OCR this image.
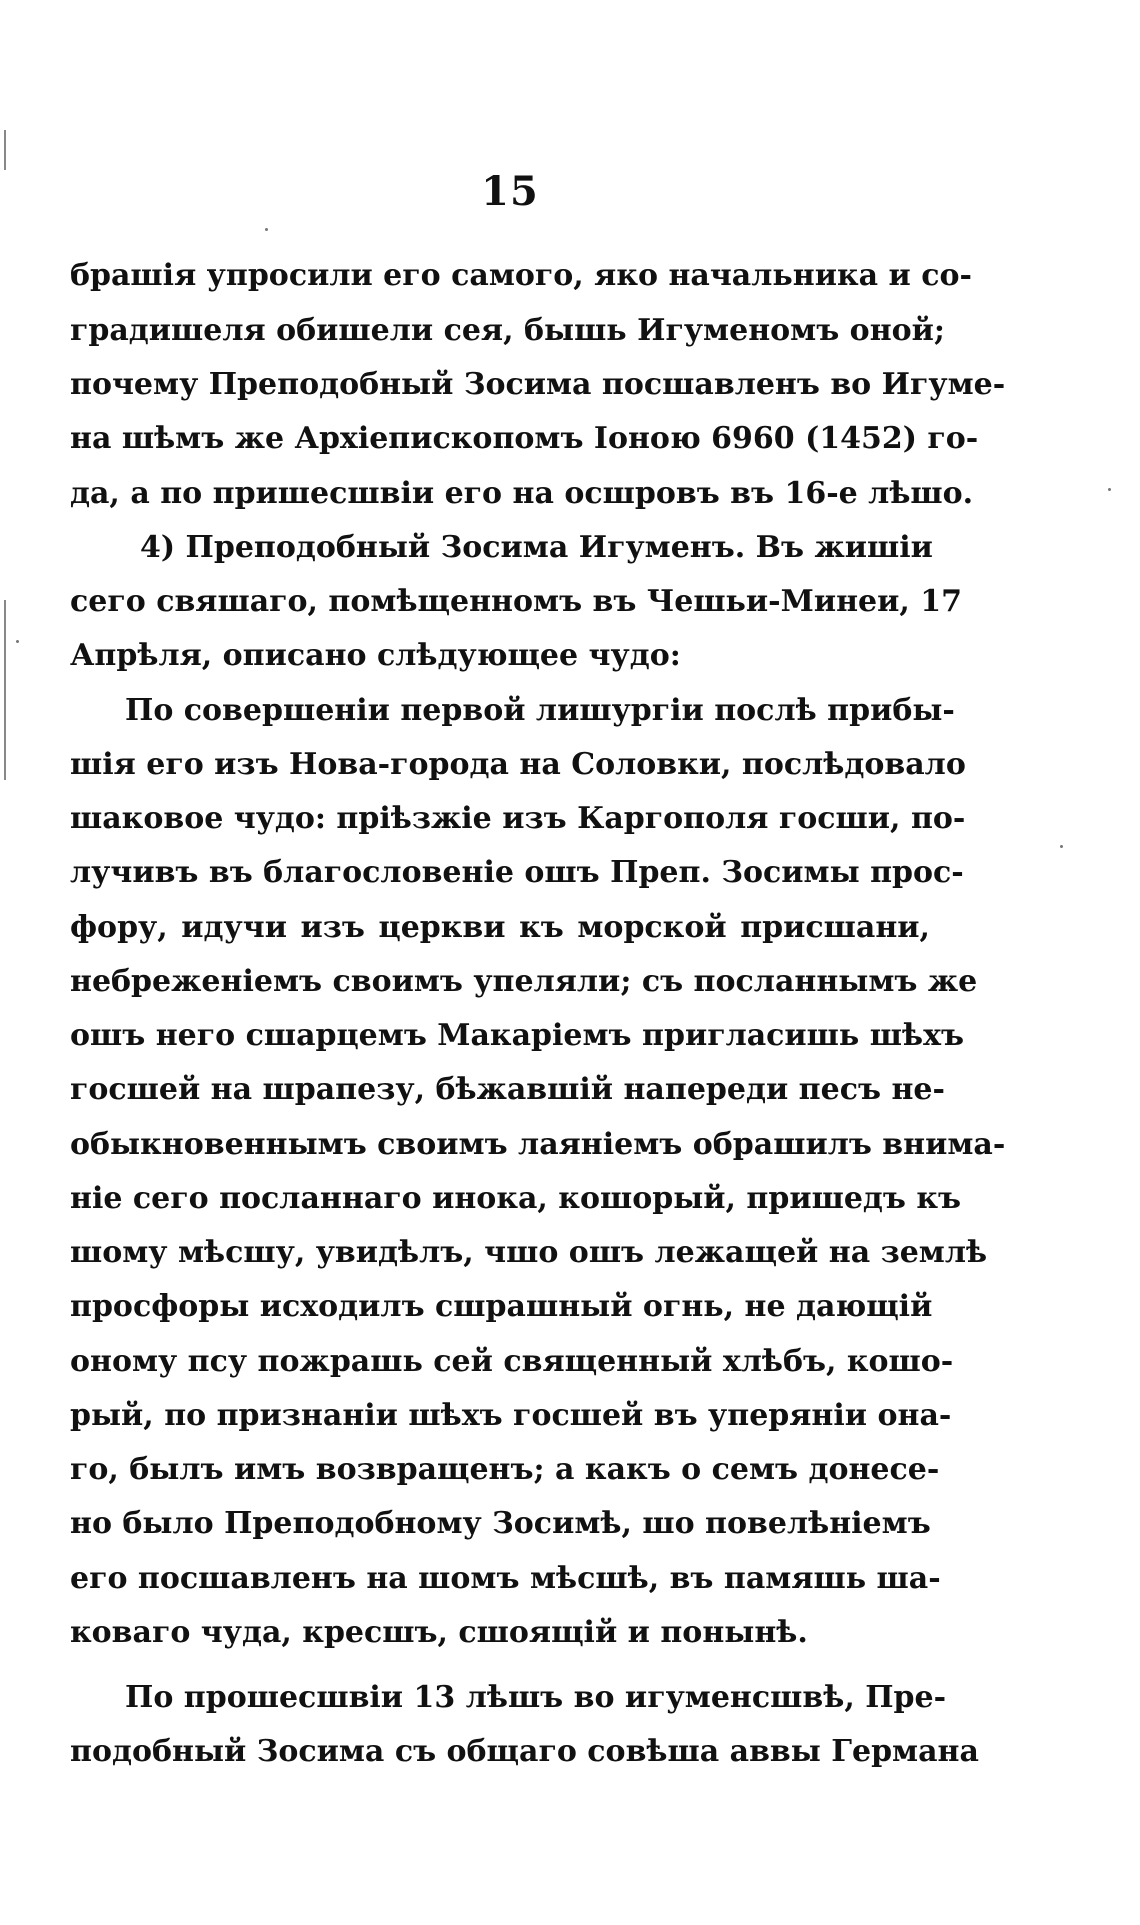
15
брашія упросили его самого, яко начальника и со-
градишеля обишели сея, бышь Игуменомъ оной;
почему Преподобный Зосима посшавленъ во Игуме-
на шѣмъ же Архіепископомъ Іоною 6960 (1452) го-
да, а по пришесшвіи его на осшровъ въ 16-е лѣшо.
4) Преподобный Зосима Игуменъ. Въ жишіи
сего свяшаго, помѣщенномъ въ Чешьи-Минеи, 17
Апрѣля, описано слѣдующее чудо:
По совершеніи первой лишургіи послѣ прибы-
шія его изъ Нова-города на Соловки, послѣдовало
шаковое чудо: пріѣзжіе изъ Каргополя госши, по-
лучивъ въ благословеніе ошъ Преп. Зосимы прос-
фору, идучи изъ церкви къ морской присшани,
небреженіемъ своимъ упеляли; съ посланнымъ же
ошъ него сшарцемъ Макаріемъ пригласишь шѣхъ
госшей на шрапезу, бѣжавшій напереди песъ не-
обыкновеннымъ своимъ лаяніемъ обрашилъ внима-
ніе сего посланнаго инока, кошорый, пришедъ къ
шому мѣсшу, увидѣлъ, чшо ошъ лежащей на землѣ
просфоры исходилъ сшрашный огнь, не дающій
оному псу пожрашь сей священный хлѣбъ, кошо-
рый, по признаніи шѣхъ госшей въ уперяніи она-
го, былъ имъ возвращенъ; а какъ о семъ донесе-
но было Преподобному Зосимѣ, шо повелѣніемъ
его посшавленъ на шомъ мѣсшѣ, въ памяшь ша-
коваго чуда, кресшъ, сшоящій и понынѣ.
По прошесшвіи 13 лѣшъ во игуменсшвѣ, Пре-
подобный Зосима съ общаго совѣша аввы Германа
